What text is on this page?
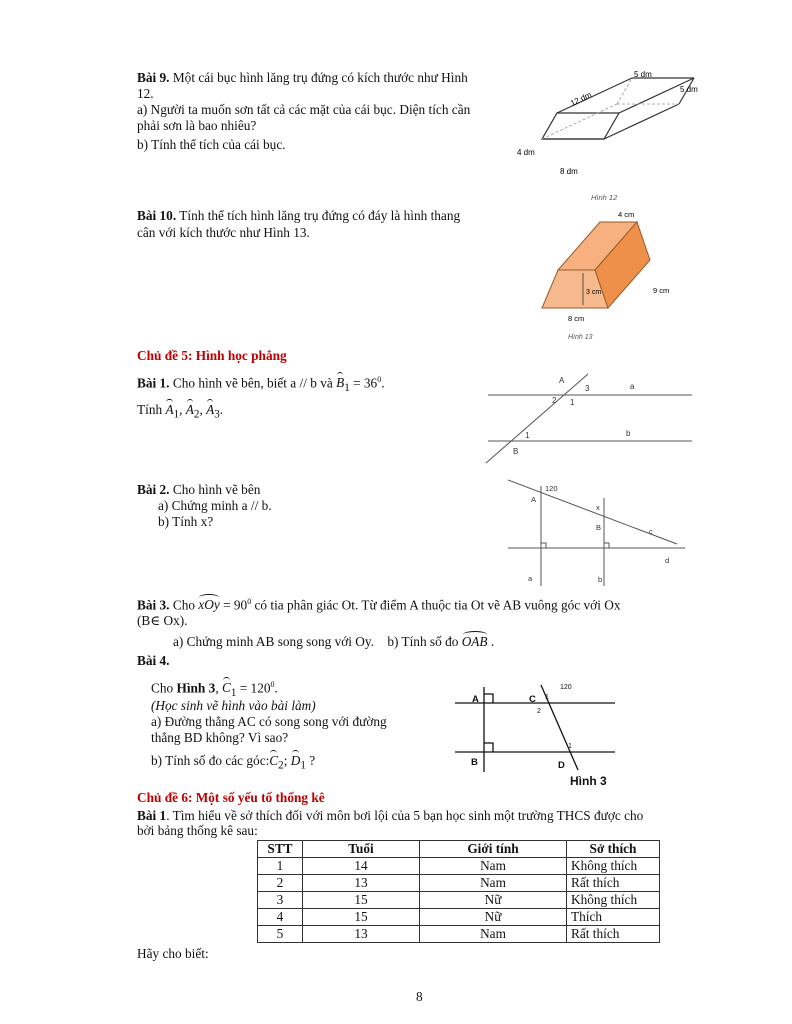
Bài 9. Một cái bục hình lăng trụ đứng có kích thước như Hình
12.
a) Người ta muốn sơn tất cả các mặt của cái bục. Diện tích cần
phải sơn là bao nhiêu?
b) Tính thể tích của cái bục.
5 dm
5 dm
12 dm
4 dm
8 dm
Hình 12
Bài 10. Tính thể tích hình lăng trụ đứng có đáy là hình thang
cân với kích thước như Hình 13.
4 cm
3 cm	9 cm
8 cm
Hình 13
Chủ đề 5: Hình học phẳng
Bài 1. Cho hình vẽ bên, biết a // b và $B_1 = 36^0$.
Tính $A_1$, $A_2$, $A_3$.
A
3	a
2 1
1	b
B
Bài 2. Cho hình vẽ bên
a) Chứng minh a // b.
b) Tính x?
120
A
x
B	c
d
a	b
Bài 3. Cho xOy = $90^0$ có tia phân giác Ot. Từ điểm A thuộc tia Ot vẽ AB vuông góc với Ox
(B∈ Ox).
a) Chứng minh AB song song với Oy. b) Tính số đo OAB .
Bài 4.
Cho Hình 3, $C_1 = 120^0$.
(Học sinh vẽ hình vào bài làm)
a) Đường thẳng AC có song song với đường
thẳng BD không? Vì sao?
b) Tính số đo các $góc:C_2$; $D_1$ ?
A	C 1
120
2
B	D
1
Hình 3
Chủ đề 6: Một số yếu tố thống kê
Bài 1. Tìm hiểu về sở thích đối với môn bơi lội của 5 bạn học sinh một trường THCS được cho
bởi bảng thống kê sau:
STT	Tuổi	Giới tính	Sở thích
1	14	Nam	Không thích
2	13	Nam	Rất thích
3	15	Nữ	Không thích
4	15	Nữ	Thích
5	13	Nam	Rất thích
Hãy cho biết:
8
